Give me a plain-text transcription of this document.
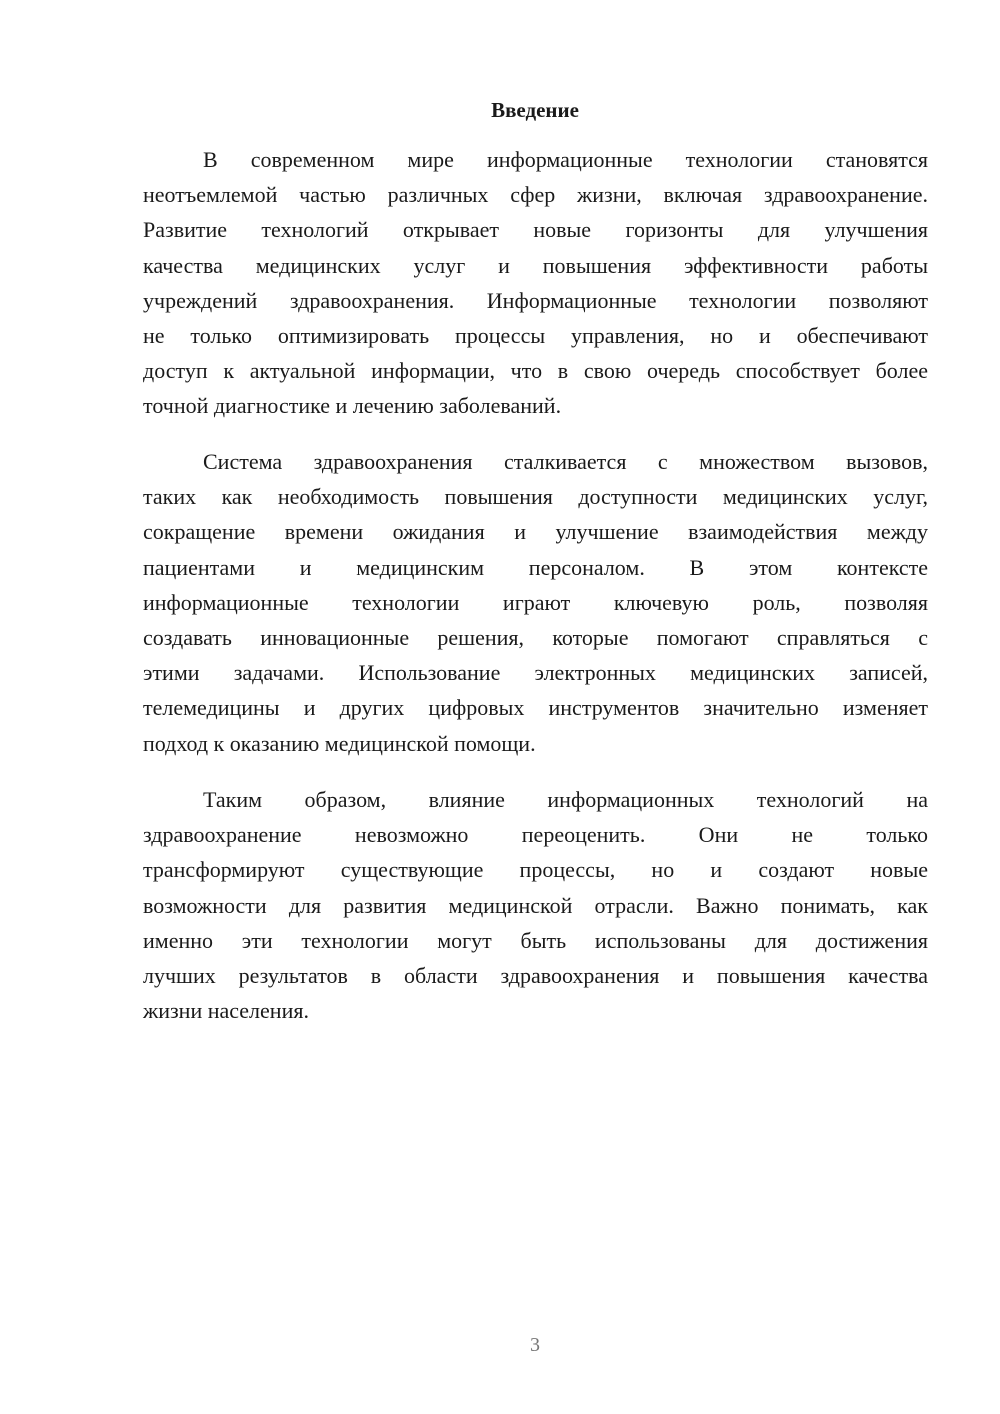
Введение
В современном мире информационные технологии становятся
неотъемлемой частью различных сфер жизни, включая здравоохранение.
Развитие технологий открывает новые горизонты для улучшения
качества медицинских услуг и повышения эффективности работы
учреждений здравоохранения. Информационные технологии позволяют
не только оптимизировать процессы управления, но и обеспечивают
доступ к актуальной информации, что в свою очередь способствует более
точной диагностике и лечению заболеваний.
Система здравоохранения сталкивается с множеством вызовов,
таких как необходимость повышения доступности медицинских услуг,
сокращение времени ожидания и улучшение взаимодействия между
пациентами и медицинским персоналом. В этом контексте
информационные технологии играют ключевую роль, позволяя
создавать инновационные решения, которые помогают справляться с
этими задачами. Использование электронных медицинских записей,
телемедицины и других цифровых инструментов значительно изменяет
подход к оказанию медицинской помощи.
Таким образом, влияние информационных технологий на
здравоохранение невозможно переоценить. Они не только
трансформируют существующие процессы, но и создают новые
возможности для развития медицинской отрасли. Важно понимать, как
именно эти технологии могут быть использованы для достижения
лучших результатов в области здравоохранения и повышения качества
жизни населения.
3
